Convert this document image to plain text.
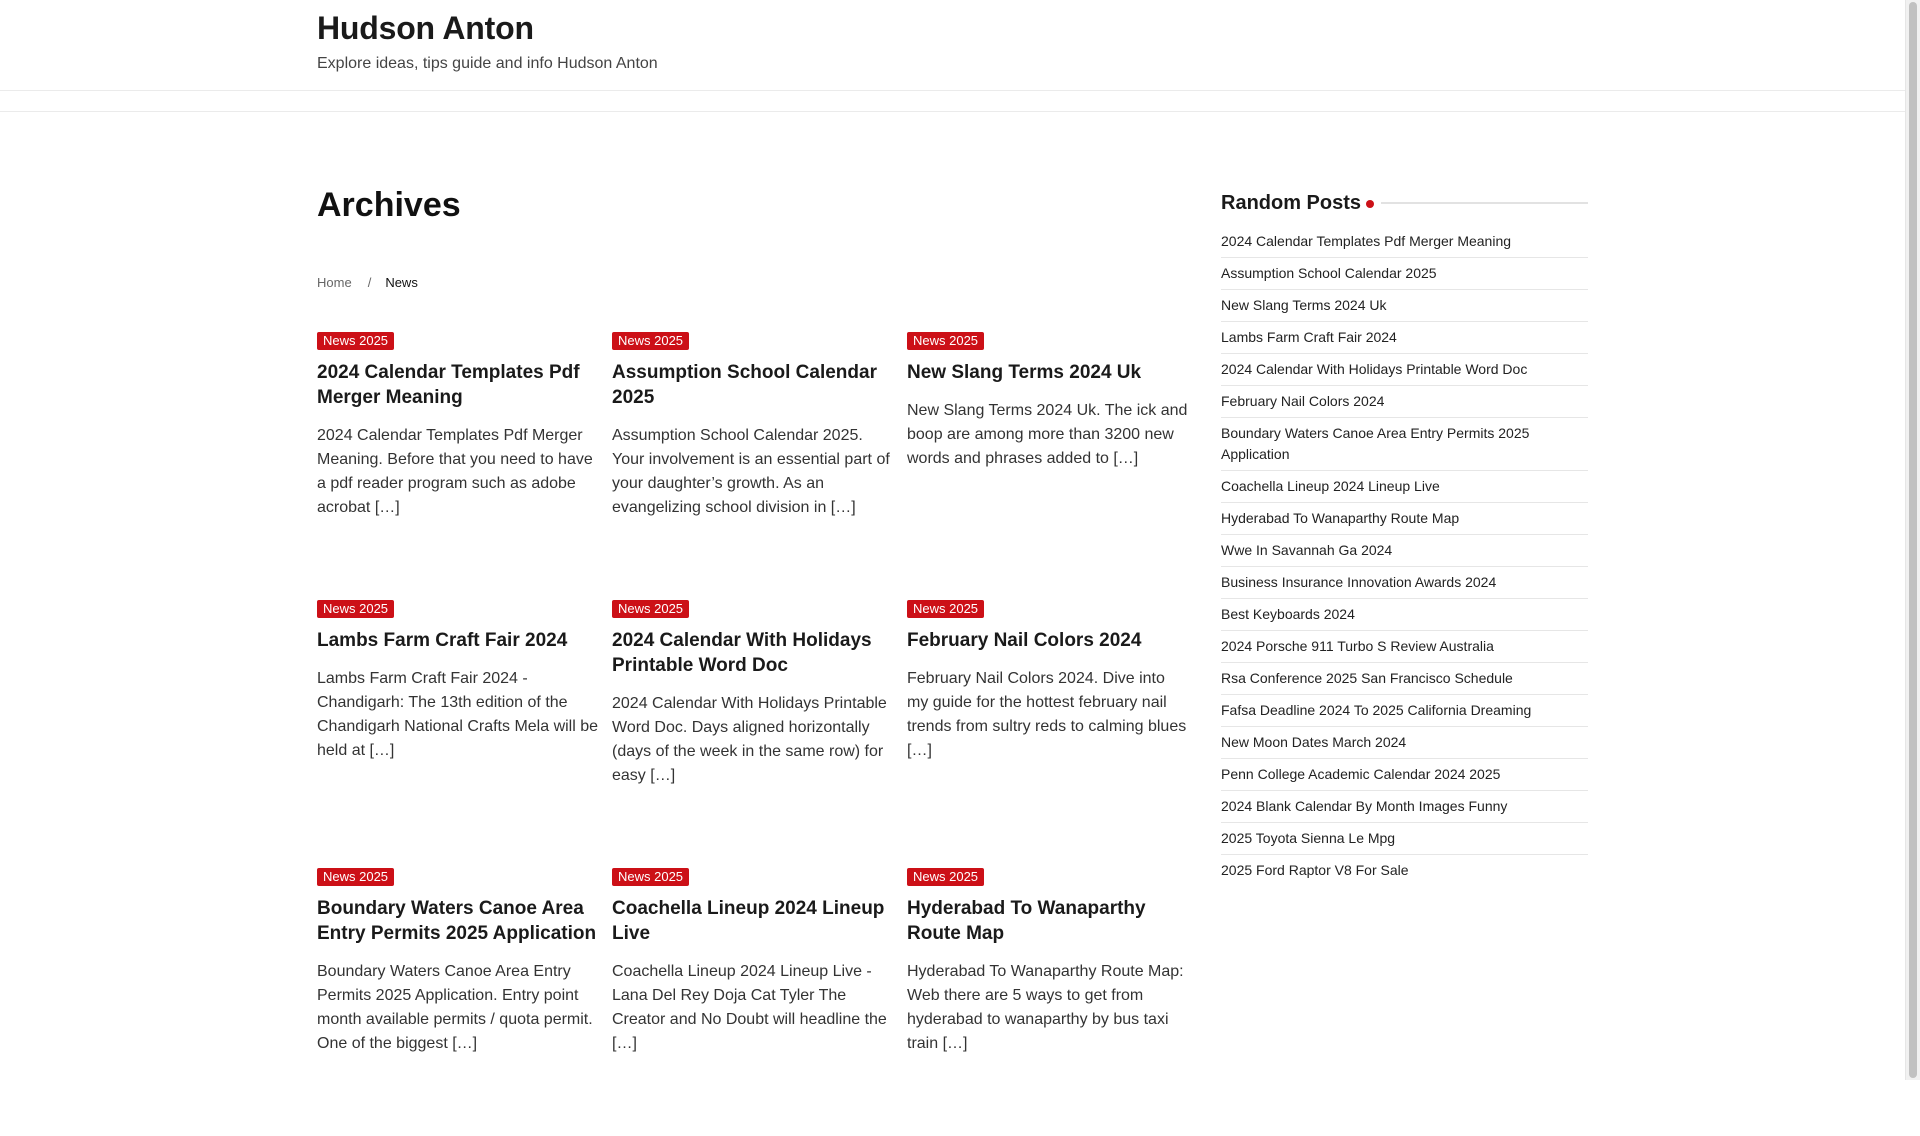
Hudson Anton

Explore ideas, tips guide and info Hudson Anton

Archives
Home / News
News 2025
2024 Calendar Templates Pdf Merger Meaning

2024 Calendar Templates Pdf Merger Meaning. Before that you need to have a pdf reader program such as adobe acrobat […]

News 2025
Assumption School Calendar 2025

Assumption School Calendar 2025. Your involvement is an essential part of your daughter’s growth. As an evangelizing school division in […]

News 2025
New Slang Terms 2024 Uk

New Slang Terms 2024 Uk. The ick and boop are among more than 3200 new words and phrases added to […]

News 2025
Lambs Farm Craft Fair 2024

Lambs Farm Craft Fair 2024 - Chandigarh: The 13th edition of the Chandigarh National Crafts Mela will be held at […]

News 2025
2024 Calendar With Holidays Printable Word Doc

2024 Calendar With Holidays Printable Word Doc. Days aligned horizontally (days of the week in the same row) for easy […]

News 2025
February Nail Colors 2024

February Nail Colors 2024. Dive into my guide for the hottest february nail trends from sultry reds to calming blues […]

News 2025
Boundary Waters Canoe Area Entry Permits 2025 Application

Boundary Waters Canoe Area Entry Permits 2025 Application. Entry point month available permits / quota permit. One of the biggest […]

News 2025
Coachella Lineup 2024 Lineup Live

Coachella Lineup 2024 Lineup Live - Lana Del Rey Doja Cat Tyler The Creator and No Doubt will headline the […]

News 2025
Hyderabad To Wanaparthy Route Map

Hyderabad To Wanaparthy Route Map: Web there are 5 ways to get from hyderabad to wanaparthy by bus taxi train […]

Random Posts
2024 Calendar Templates Pdf Merger Meaning
Assumption School Calendar 2025
New Slang Terms 2024 Uk
Lambs Farm Craft Fair 2024
2024 Calendar With Holidays Printable Word Doc
February Nail Colors 2024
Boundary Waters Canoe Area Entry Permits 2025 Application
Coachella Lineup 2024 Lineup Live
Hyderabad To Wanaparthy Route Map
Wwe In Savannah Ga 2024
Business Insurance Innovation Awards 2024
Best Keyboards 2024
2024 Porsche 911 Turbo S Review Australia
Rsa Conference 2025 San Francisco Schedule
Fafsa Deadline 2024 To 2025 California Dreaming
New Moon Dates March 2024
Penn College Academic Calendar 2024 2025
2024 Blank Calendar By Month Images Funny
2025 Toyota Sienna Le Mpg
2025 Ford Raptor V8 For Sale
